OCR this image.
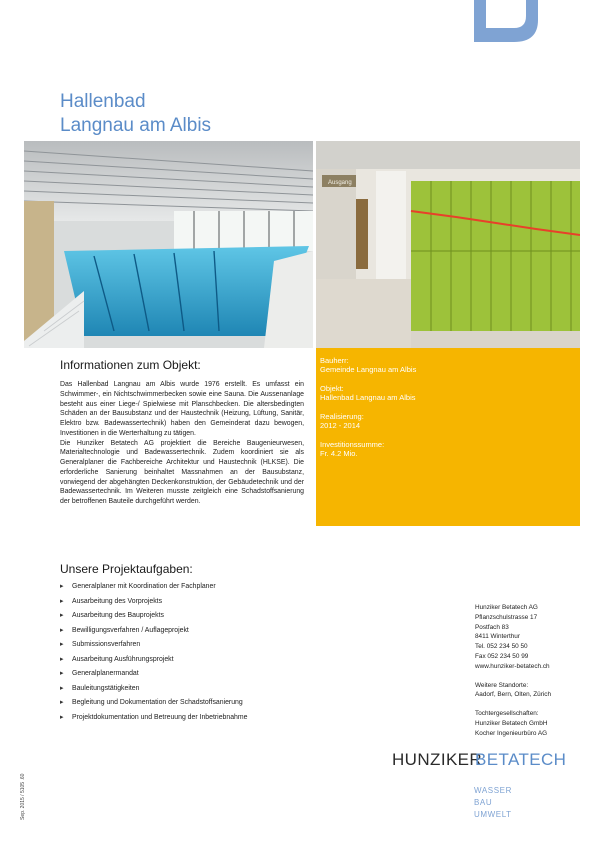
Hallenbad
Langnau am Albis
Ausgang
Bauherr:
Gemeinde Langnau am Albis
Objekt:
Hallenbad Langnau am Albis
Realisierung:
2012 - 2014
Investitionssumme:
Fr. 4.2 Mio.
Informationen zum Objekt:

Das Hallenbad Langnau am Albis wurde 1976 erstellt. Es umfasst ein Schwimmer-, ein Nichtschwimmerbecken sowie eine Sauna. Die Aussenanlage besteht aus einer Liege-/ Spielwiese mit Planschbecken. Die altersbedingten Schäden an der Bausubstanz und der Haustechnik (Heizung, Lüftung, Sanitär, Elektro bzw. Badewassertechnik) haben den Gemeinderat dazu bewogen, Investitionen in die Werterhaltung zu tätigen.

Die Hunziker Betatech AG projektiert die Bereiche Baugenieurwesen, Materialtechnologie und Badewassertechnik. Zudem koordiniert sie als Generalplaner die Fachbereiche Architektur und Haustechnik (HLKSE). Die erforderliche Sanierung beinhaltet Massnahmen an der Bausubstanz, vorwiegend der abgehängten Deckenkonstruktion, der Gebäudetechnik und der Badewassertechnik. Im Weiteren musste zeitgleich eine Schadstoffsanierung der betroffenen Bauteile durchgeführt werden.

Unsere Projektaufgaben:
▸ Generalplaner mit Koordination der Fachplaner
▸ Ausarbeitung des Vorprojekts
▸ Ausarbeitung des Bauprojekts
▸ Bewilligungsverfahren / Auflageprojekt
▸ Submissionsverfahren
▸ Ausarbeitung Ausführungsprojekt
▸ Generalplanermandat
▸ Bauleitungstätigkeiten
▸ Begleitung und Dokumentation der Schadstoffsanierung
▸ Projektdokumentation und Betreuung der Inbetriebnahme
Hunziker Betatech AG
Pflanzschulstrasse 17
Postfach 83
8411 Winterthur
Tel. 052 234 50 50
Fax 052 234 50 99
www.hunziker-betatech.ch
Weitere Standorte:
Aadorf, Bern, Olten, Zürich
Tochtergesellschaften:
Hunziker Betatech GmbH
Kocher Ingenieurbüro AG
HUNZIKER
BETATECH
WASSER
BAU
UMWELT
Sep. 2015 / 5105 .60
